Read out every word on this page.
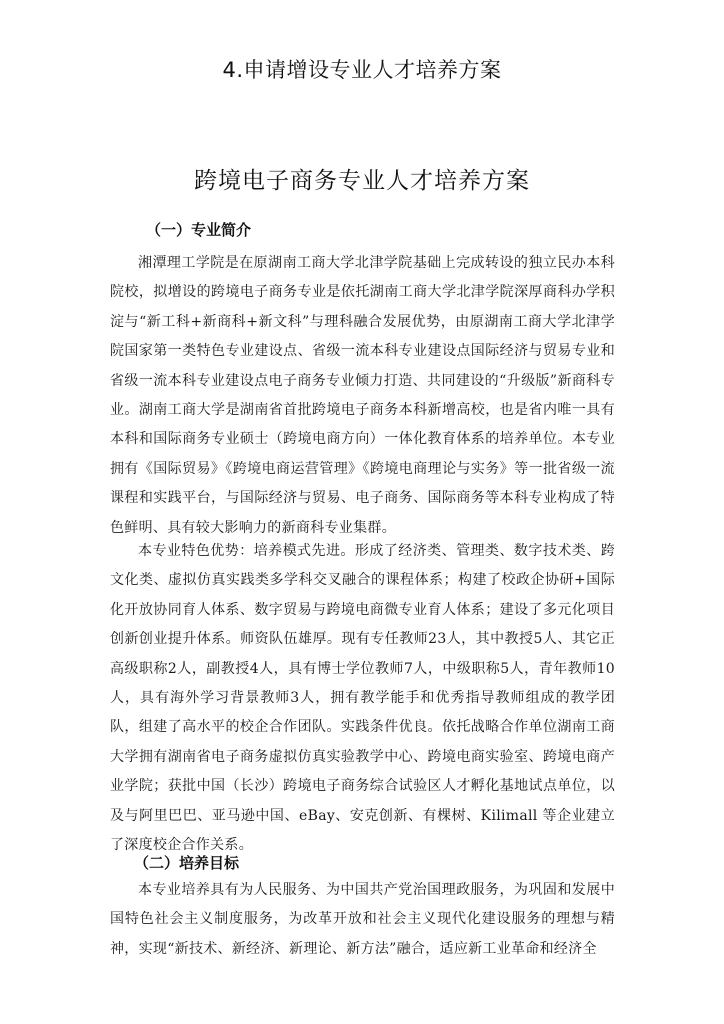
4.申请增设专业人才培养方案
跨境电子商务专业人才培养方案
（一）专业简介

湘潭理工学院是在原湖南工商大学北津学院基础上完成转设的独立民办本科院校，拟增设的跨境电子商务专业是依托湖南工商大学北津学院深厚商科办学积淀与“新工科+新商科+新文科”与理科融合发展优势，由原湖南工商大学北津学院国家第一类特色专业建设点、省级一流本科专业建设点国际经济与贸易专业和省级一流本科专业建设点电子商务专业倾力打造、共同建设的“升级版”新商科专业。湖南工商大学是湖南省首批跨境电子商务本科新增高校，也是省内唯一具有本科和国际商务专业硕士（跨境电商方向）一体化教育体系的培养单位。本专业拥有《国际贸易》《跨境电商运营管理》《跨境电商理论与实务》等一批省级一流课程和实践平台，与国际经济与贸易、电子商务、国际商务等本科专业构成了特色鲜明、具有较大影响力的新商科专业集群。

本专业特色优势：培养模式先进。形成了经济类、管理类、数字技术类、跨文化类、虚拟仿真实践类多学科交叉融合的课程体系；构建了校政企协研+国际化开放协同育人体系、数字贸易与跨境电商微专业育人体系；建设了多元化项目创新创业提升体系。师资队伍雄厚。现有专任教师23人，其中教授5人、其它正高级职称2人，副教授4人，具有博士学位教师7人，中级职称5人，青年教师10人，具有海外学习背景教师3人，拥有教学能手和优秀指导教师组成的教学团队，组建了高水平的校企合作团队。实践条件优良。依托战略合作单位湖南工商大学拥有湖南省电子商务虚拟仿真实验教学中心、跨境电商实验室、跨境电商产业学院；获批中国（长沙）跨境电子商务综合试验区人才孵化基地试点单位，以及与阿里巴巴、亚马逊中国、eBay、安克创新、有棵树、Kilimall 等企业建立了深度校企合作关系。

（二）培养目标

本专业培养具有为人民服务、为中国共产党治国理政服务，为巩固和发展中国特色社会主义制度服务，为改革开放和社会主义现代化建设服务的理想与精神，实现“新技术、新经济、新理论、新方法”融合，适应新工业革命和经济全
